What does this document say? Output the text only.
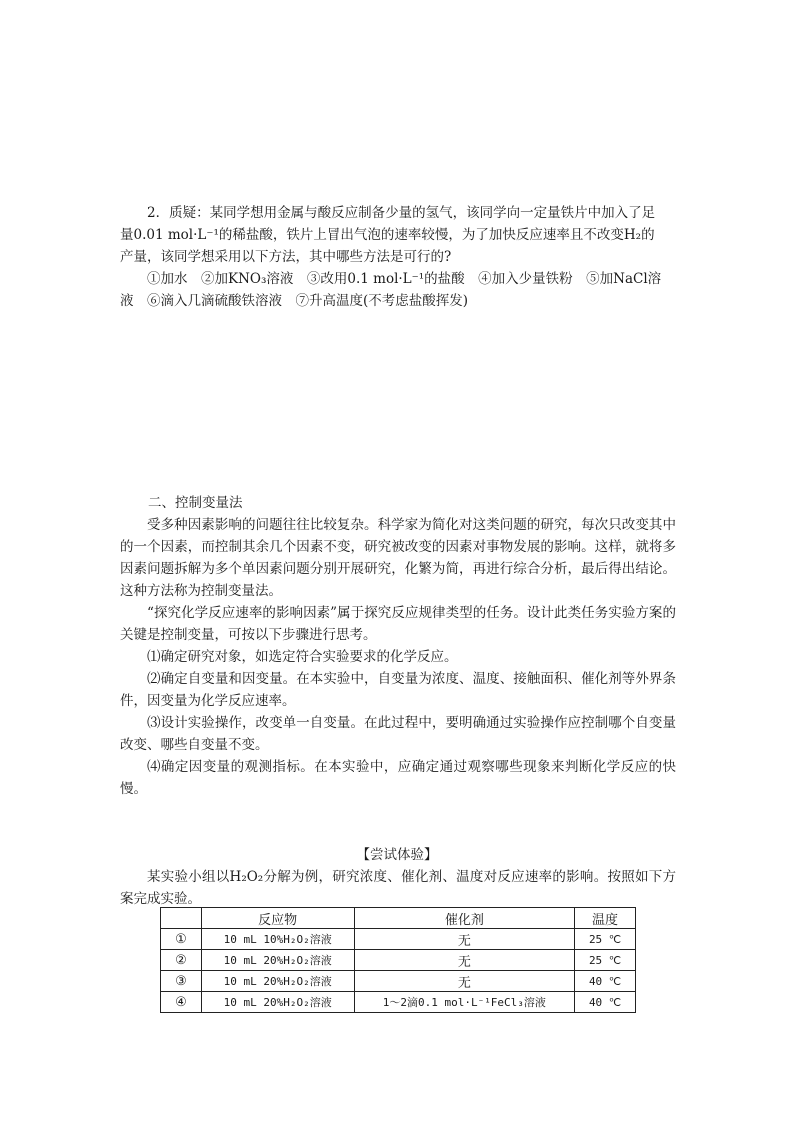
2．质疑：某同学想用金属与酸反应制备少量的氢气，该同学向一定量铁片中加入了足
量0.01 mol·L⁻¹的稀盐酸，铁片上冒出气泡的速率较慢，为了加快反应速率且不改变H₂的
产量，该同学想采用以下方法，其中哪些方法是可行的?
①加水　②加KNO₃溶液　③改用0.1 mol·L⁻¹的盐酸　④加入少量铁粉　⑤加NaCl溶
液　⑥滴入几滴硫酸铁溶液　⑦升高温度(不考虑盐酸挥发)
二、控制变量法
受多种因素影响的问题往往比较复杂。科学家为简化对这类问题的研究，每次只改变其中的一个因素，而控制其余几个因素不变，研究被改变的因素对事物发展的影响。这样，就将多因素问题拆解为多个单因素问题分别开展研究，化繁为简，再进行综合分析，最后得出结论。这种方法称为控制变量法。
“探究化学反应速率的影响因素”属于探究反应规律类型的任务。设计此类任务实验方案的关键是控制变量，可按以下步骤进行思考。
⑴确定研究对象，如选定符合实验要求的化学反应。
⑵确定自变量和因变量。在本实验中，自变量为浓度、温度、接触面积、催化剂等外界条件，因变量为化学反应速率。
⑶设计实验操作，改变单一自变量。在此过程中，要明确通过实验操作应控制哪个自变量改变、哪些自变量不变。
⑷确定因变量的观测指标。在本实验中，应确定通过观察哪些现象来判断化学反应的快慢。
【尝试体验】
某实验小组以H₂O₂分解为例，研究浓度、催化剂、温度对反应速率的影响。按照如下方案完成实验。
	反应物	催化剂	温度
①	10 mL 10%H₂O₂溶液	无	25 ℃
②	10 mL 20%H₂O₂溶液	无	25 ℃
③	10 mL 20%H₂O₂溶液	无	40 ℃
④	10 mL 20%H₂O₂溶液	1～2滴0.1 mol·L⁻¹FeCl₃溶液	40 ℃
